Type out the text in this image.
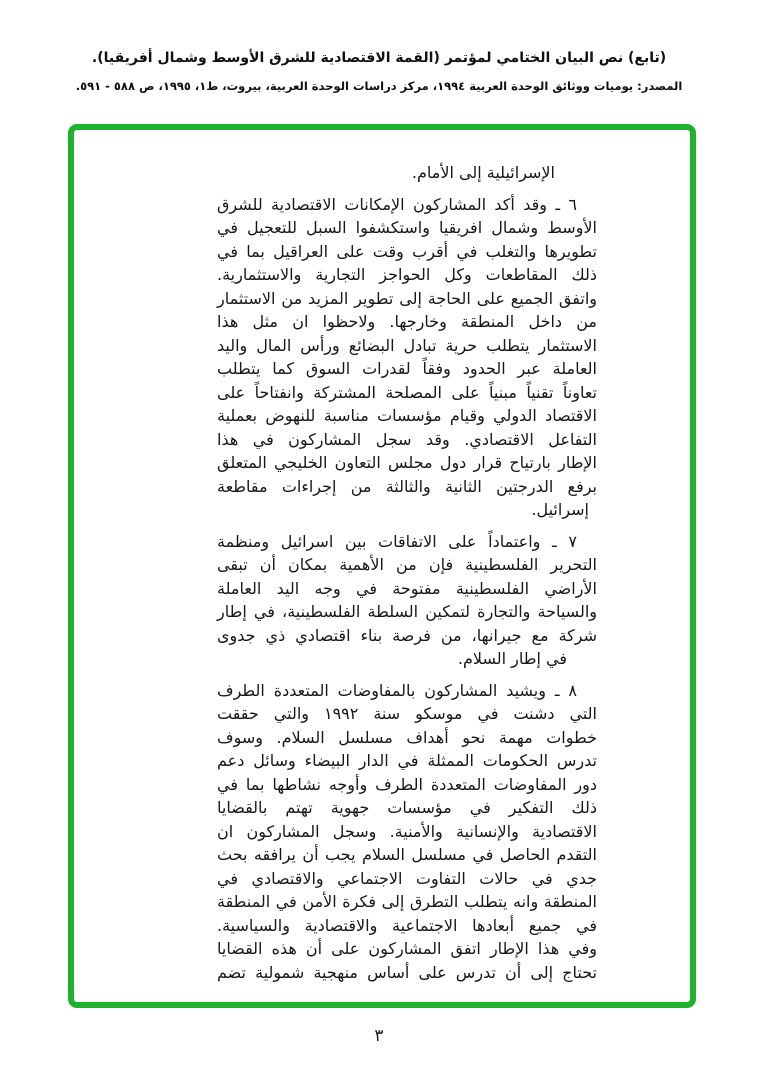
(تابع) نص البيان الختامي لمؤتمر (القمة الاقتصادية للشرق الأوسط وشمال أفريقيا).
المصدر: يوميات ووثائق الوحدة العربية ١٩٩٤، مركز دراسات الوحدة العربية، بيروت، ط١، ١٩٩٥، ص ٥٨٨ - ٥٩١.
الإسرائيلية إلى الأمام.
٦ ـ وقد أكد المشاركون الإمكانات الاقتصادية للشرق
الأوسط وشمال افريقيا واستكشفوا السبل للتعجيل في
تطويرها والتغلب في أقرب وقت على العراقيل بما في
ذلك المقاطعات وكل الحواجز التجارية والاستثمارية.
واتفق الجميع على الحاجة إلى تطوير المزيد من الاستثمار
من داخل المنطقة وخارجها. ولاحظوا ان مثل هذا
الاستثمار يتطلب حرية تبادل البضائع ورأس المال واليد
العاملة عبر الحدود وفقاً لقدرات السوق كما يتطلب
تعاوناً تقنياً مبنياً على المصلحة المشتركة وانفتاحاً على
الاقتصاد الدولي وقيام مؤسسات مناسبة للنهوض بعملية
التفاعل الاقتصادي. وقد سجل المشاركون في هذا
الإطار بارتياح قرار دول مجلس التعاون الخليجي المتعلق
برفع الدرجتين الثانية والثالثة من إجراءات مقاطعة
إسرائيل.
٧ ـ واعتماداً على الاتفاقات بين اسرائيل ومنظمة
التحرير الفلسطينية فإن من الأهمية بمكان أن تبقى
الأراضي الفلسطينية مفتوحة في وجه اليد العاملة
والسياحة والتجارة لتمكين السلطة الفلسطينية، في إطار
شركة مع جيرانها، من فرصة بناء اقتصادي ذي جدوى
في إطار السلام.
٨ ـ ويشيد المشاركون بالمفاوضات المتعددة الطرف
التي دشنت في موسكو سنة ١٩٩٢ والتي حققت
خطوات مهمة نحو أهداف مسلسل السلام. وسوف
تدرس الحكومات الممثلة في الدار البيضاء وسائل دعم
دور المفاوضات المتعددة الطرف وأوجه نشاطها بما في
ذلك التفكير في مؤسسات جهوية تهتم بالقضايا
الاقتصادية والإنسانية والأمنية. وسجل المشاركون ان
التقدم الحاصل في مسلسل السلام يجب أن يرافقه بحث
جدي في حالات التفاوت الاجتماعي والاقتصادي في
المنطقة وانه يتطلب التطرق إلى فكرة الأمن في المنطقة
في جميع أبعادها الاجتماعية والاقتصادية والسياسية.
وفي هذا الإطار اتفق المشاركون على أن هذه القضايا
تحتاج إلى أن تدرس على أساس منهجية شمولية تضم
٣
